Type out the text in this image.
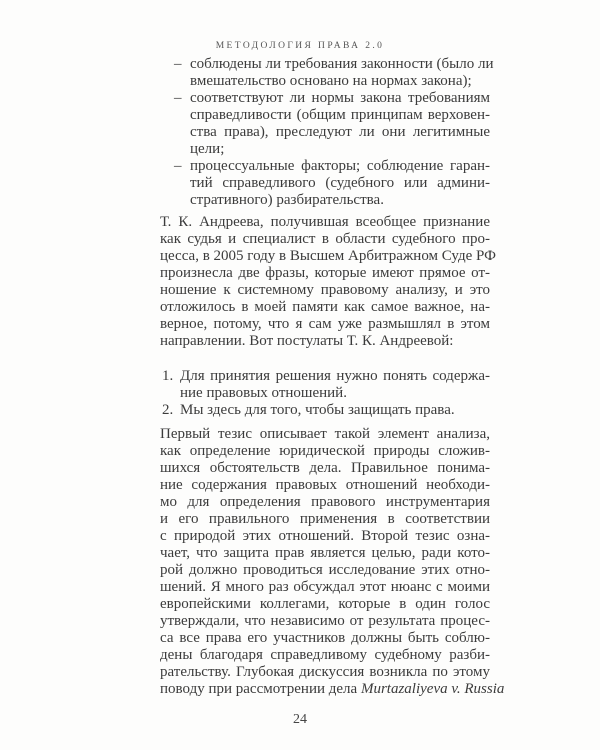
МЕТОДОЛОГИЯ ПРАВА 2.0
– соблюдены ли требования законности (было ли
вмешательство основано на нормах закона);
– соответствуют ли нормы закона требованиям
справедливости (общим принципам верховен-
ства права), преследуют ли они легитимные
цели;
– процессуальные факторы; соблюдение гаран-
тий справедливого (судебного или админи-
стративного) разбирательства.
Т. К. Андреева, получившая всеобщее признание
как судья и специалист в области судебного про-
цесса, в 2005 году в Высшем Арбитражном Суде РФ
произнесла две фразы, которые имеют прямое от-
ношение к системному правовому анализу, и это
отложилось в моей памяти как самое важное, на-
верное, потому, что я сам уже размышлял в этом
направлении. Вот постулаты Т. К. Андреевой:
1. Для принятия решения нужно понять содержа-
ние правовых отношений.
2. Мы здесь для того, чтобы защищать права.
Первый тезис описывает такой элемент анализа,
как определение юридической природы сложив-
шихся обстоятельств дела. Правильное понима-
ние содержания правовых отношений необходи-
мо для определения правового инструментария
и его правильного применения в соответствии
с природой этих отношений. Второй тезис озна-
чает, что защита прав является целью, ради кото-
рой должно проводиться исследование этих отно-
шений. Я много раз обсуждал этот нюанс с моими
европейскими коллегами, которые в один голос
утверждали, что независимо от результата процес-
са все права его участников должны быть соблю-
дены благодаря справедливому судебному разби-
рательству. Глубокая дискуссия возникла по этому
поводу при рассмотрении дела Murtazaliyeva v. Russia
24
